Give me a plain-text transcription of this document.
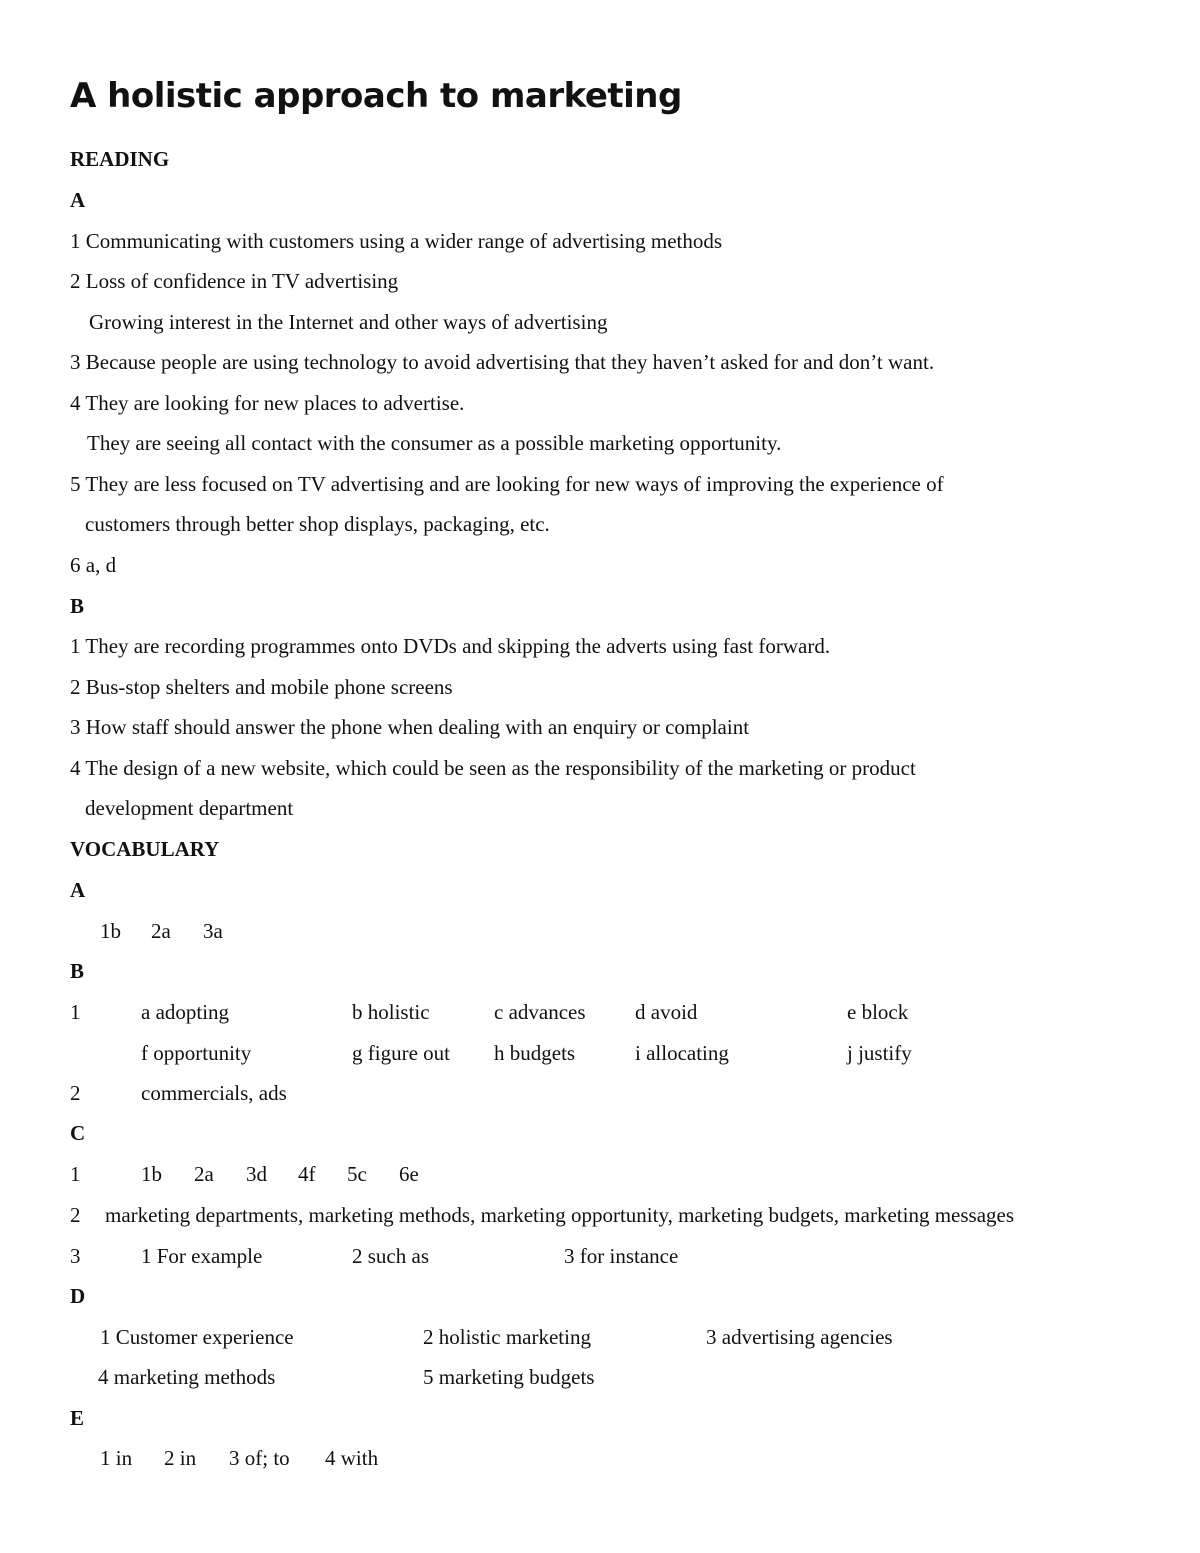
A holistic approach to marketing

READING

A

1 Communicating with customers using a wider range of advertising methods

2 Loss of confidence in TV advertising

Growing interest in the Internet and other ways of advertising

3 Because people are using technology to avoid advertising that they haven’t asked for and don’t want.

4 They are looking for new places to advertise.

They are seeing all contact with the consumer as a possible marketing opportunity.

5 They are less focused on TV advertising and are looking for new ways of improving the experience of

customers through better shop displays, packaging, etc.

6 a, d

B

1 They are recording programmes onto DVDs and skipping the adverts using fast forward.

2 Bus-stop shelters and mobile phone screens

3 How staff should answer the phone when dealing with an enquiry or complaint

4 The design of a new website, which could be seen as the responsibility of the marketing or product

development department

VOCABULARY

A

1b 2a 3a

B

1	a adopting	b holistic	c advances d avoid	e block
f opportunity	g figure out h budgets	i allocating	j justify
2	commercials, ads

C

1	1b 2a 3d 4f 5c 6e
2 marketing departments, marketing methods, marketing opportunity, marketing budgets, marketing messages
3	1 For example	2 such as	3 for instance

D

1 Customer experience	2 holistic marketing	3 advertising agencies
4 marketing methods	5 marketing budgets

E

1 in 2 in 3 of; to 4 with
